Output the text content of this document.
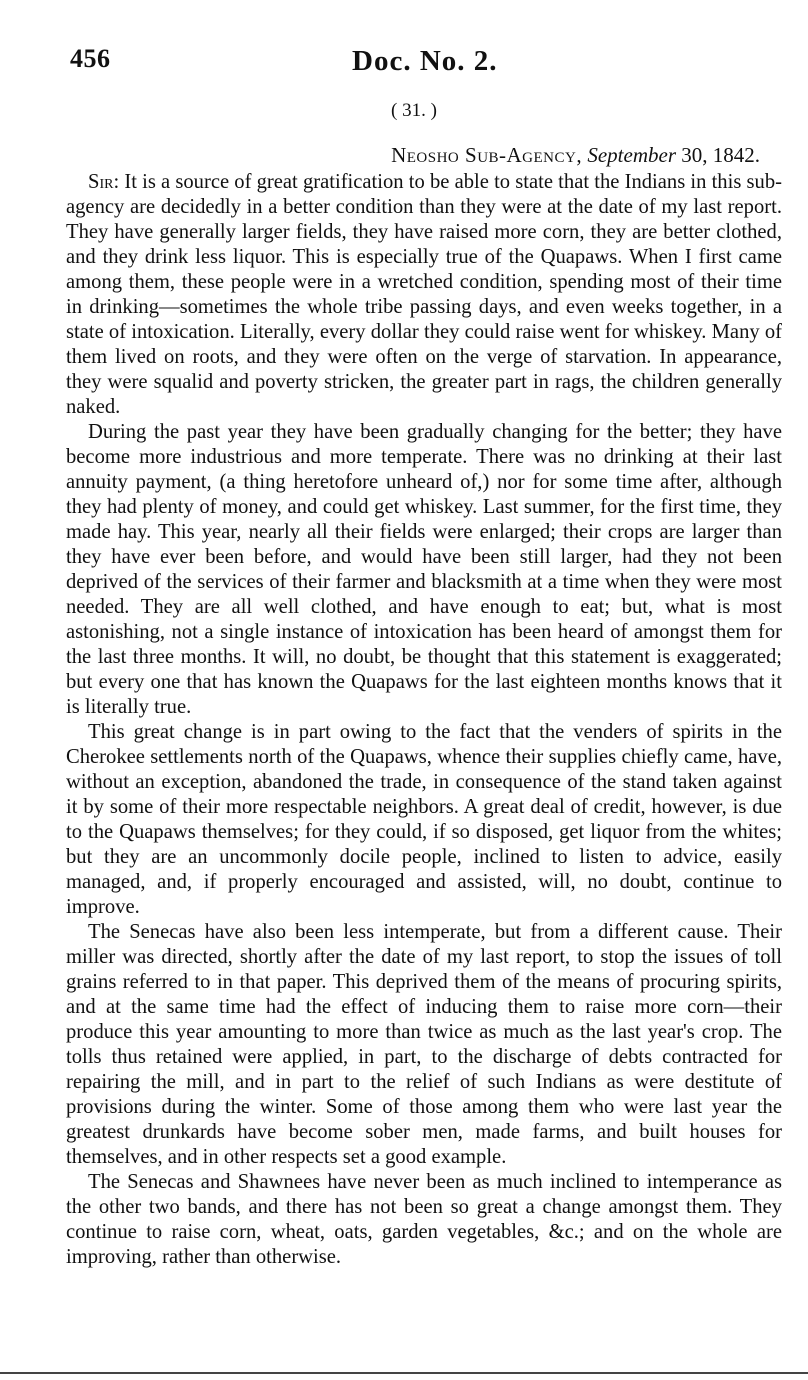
456	Doc. No. 2.
( 31. )
Neosho Sub-Agency, September 30, 1842.

Sir: It is a source of great gratification to be able to state that the Indians in this sub-agency are decidedly in a better condition than they were at the date of my last report. They have generally larger fields, they have raised more corn, they are better clothed, and they drink less liquor. This is especially true of the Quapaws. When I first came among them, these people were in a wretched condition, spending most of their time in drinking—sometimes the whole tribe passing days, and even weeks together, in a state of intoxication. Literally, every dollar they could raise went for whiskey. Many of them lived on roots, and they were often on the verge of starvation. In appearance, they were squalid and poverty stricken, the greater part in rags, the children generally naked.

During the past year they have been gradually changing for the better; they have become more industrious and more temperate. There was no drinking at their last annuity payment, (a thing heretofore unheard of,) nor for some time after, although they had plenty of money, and could get whiskey. Last summer, for the first time, they made hay. This year, nearly all their fields were enlarged; their crops are larger than they have ever been before, and would have been still larger, had they not been deprived of the services of their farmer and blacksmith at a time when they were most needed. They are all well clothed, and have enough to eat; but, what is most astonishing, not a single instance of intoxication has been heard of amongst them for the last three months. It will, no doubt, be thought that this statement is exaggerated; but every one that has known the Quapaws for the last eighteen months knows that it is literally true.

This great change is in part owing to the fact that the venders of spirits in the Cherokee settlements north of the Quapaws, whence their supplies chiefly came, have, without an exception, abandoned the trade, in consequence of the stand taken against it by some of their more respectable neighbors. A great deal of credit, however, is due to the Quapaws themselves; for they could, if so disposed, get liquor from the whites; but they are an uncommonly docile people, inclined to listen to advice, easily managed, and, if properly encouraged and assisted, will, no doubt, continue to improve.

The Senecas have also been less intemperate, but from a different cause. Their miller was directed, shortly after the date of my last report, to stop the issues of toll grains referred to in that paper. This deprived them of the means of procuring spirits, and at the same time had the effect of inducing them to raise more corn—their produce this year amounting to more than twice as much as the last year's crop. The tolls thus retained were applied, in part, to the discharge of debts contracted for repairing the mill, and in part to the relief of such Indians as were destitute of provisions during the winter. Some of those among them who were last year the greatest drunkards have become sober men, made farms, and built houses for themselves, and in other respects set a good example.

The Senecas and Shawnees have never been as much inclined to intemperance as the other two bands, and there has not been so great a change amongst them. They continue to raise corn, wheat, oats, garden vegetables, &c.; and on the whole are improving, rather than otherwise.
